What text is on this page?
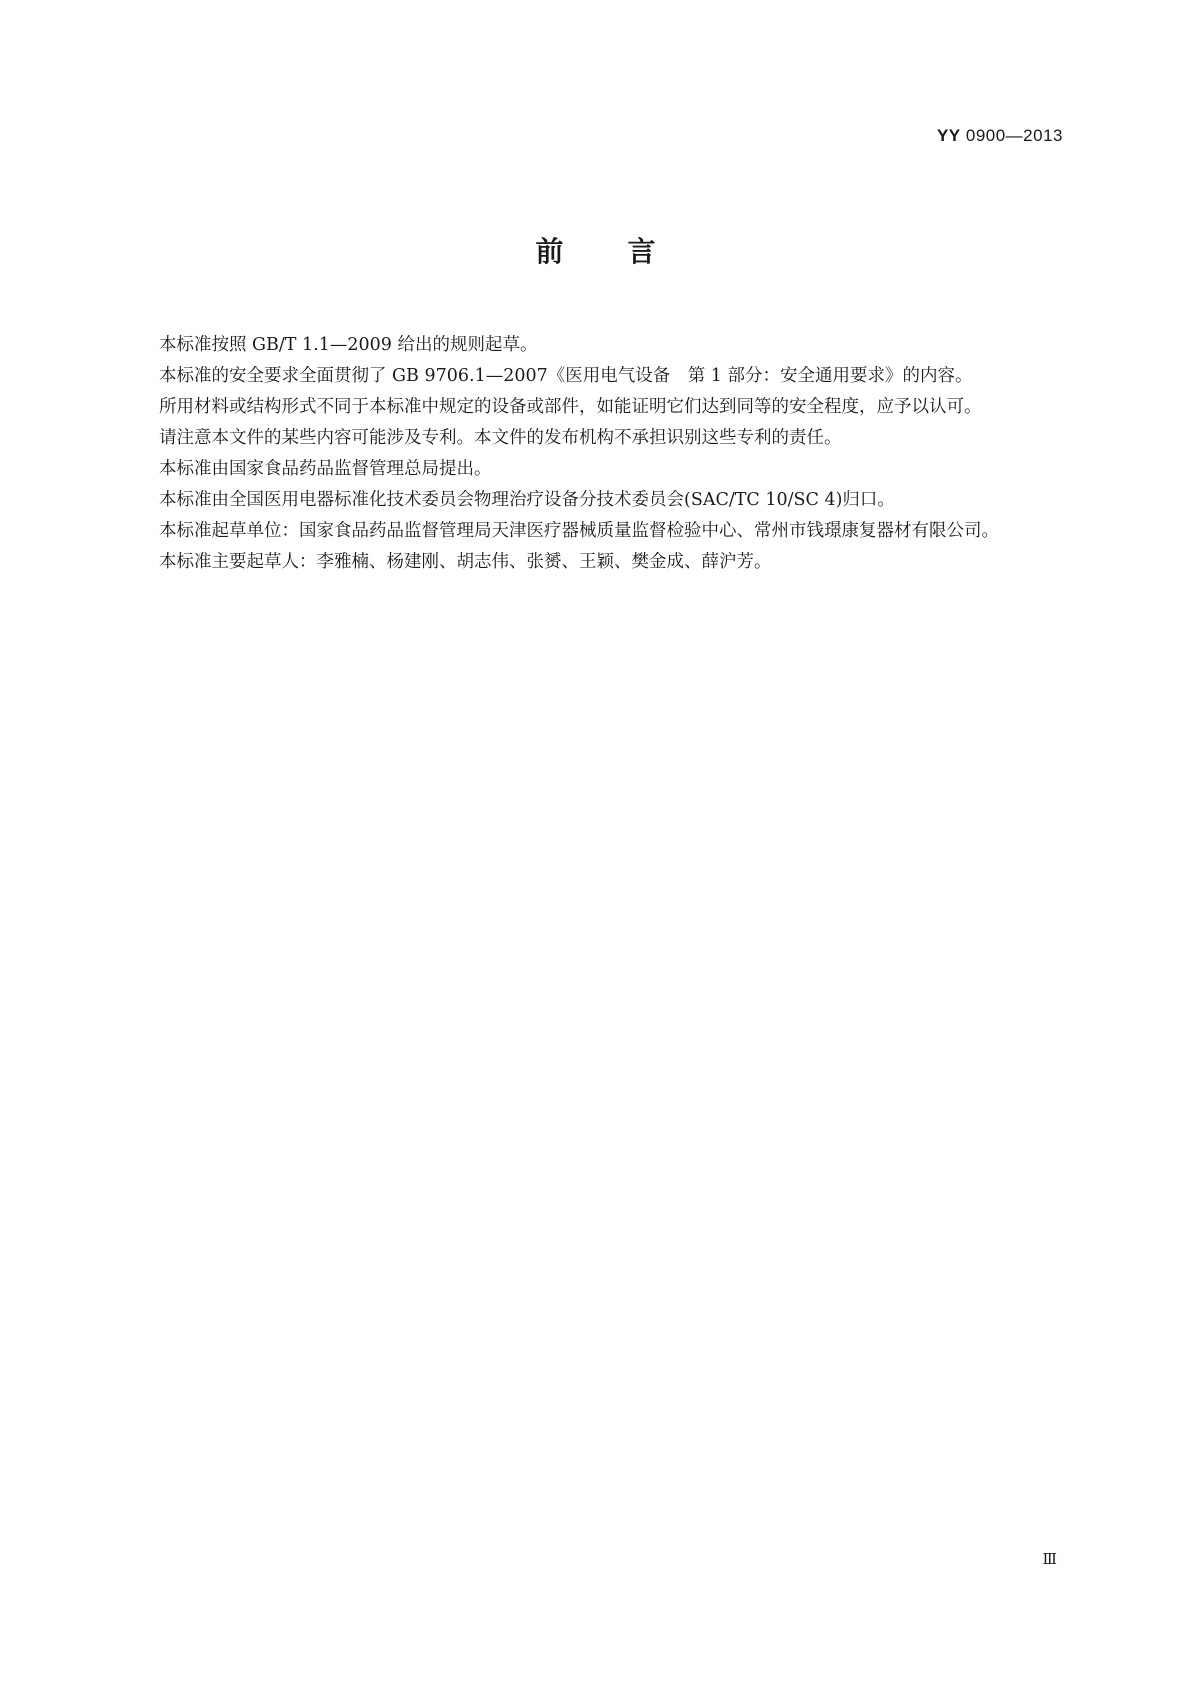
YY 0900—2013
前言

本标准按照 GB/T 1.1—2009 给出的规则起草。

本标准的安全要求全面贯彻了 GB 9706.1—2007《医用电气设备　第 1 部分：安全通用要求》的内容。

所用材料或结构形式不同于本标准中规定的设备或部件，如能证明它们达到同等的安全程度，应予以认可。

请注意本文件的某些内容可能涉及专利。本文件的发布机构不承担识别这些专利的责任。

本标准由国家食品药品监督管理总局提出。

本标准由全国医用电器标准化技术委员会物理治疗设备分技术委员会(SAC/TC 10/SC 4)归口。

本标准起草单位：国家食品药品监督管理局天津医疗器械质量监督检验中心、常州市钱璟康复器材有限公司。

本标准主要起草人：李雅楠、杨建刚、胡志伟、张赟、王颖、樊金成、薛沪芳。

Ⅲ
